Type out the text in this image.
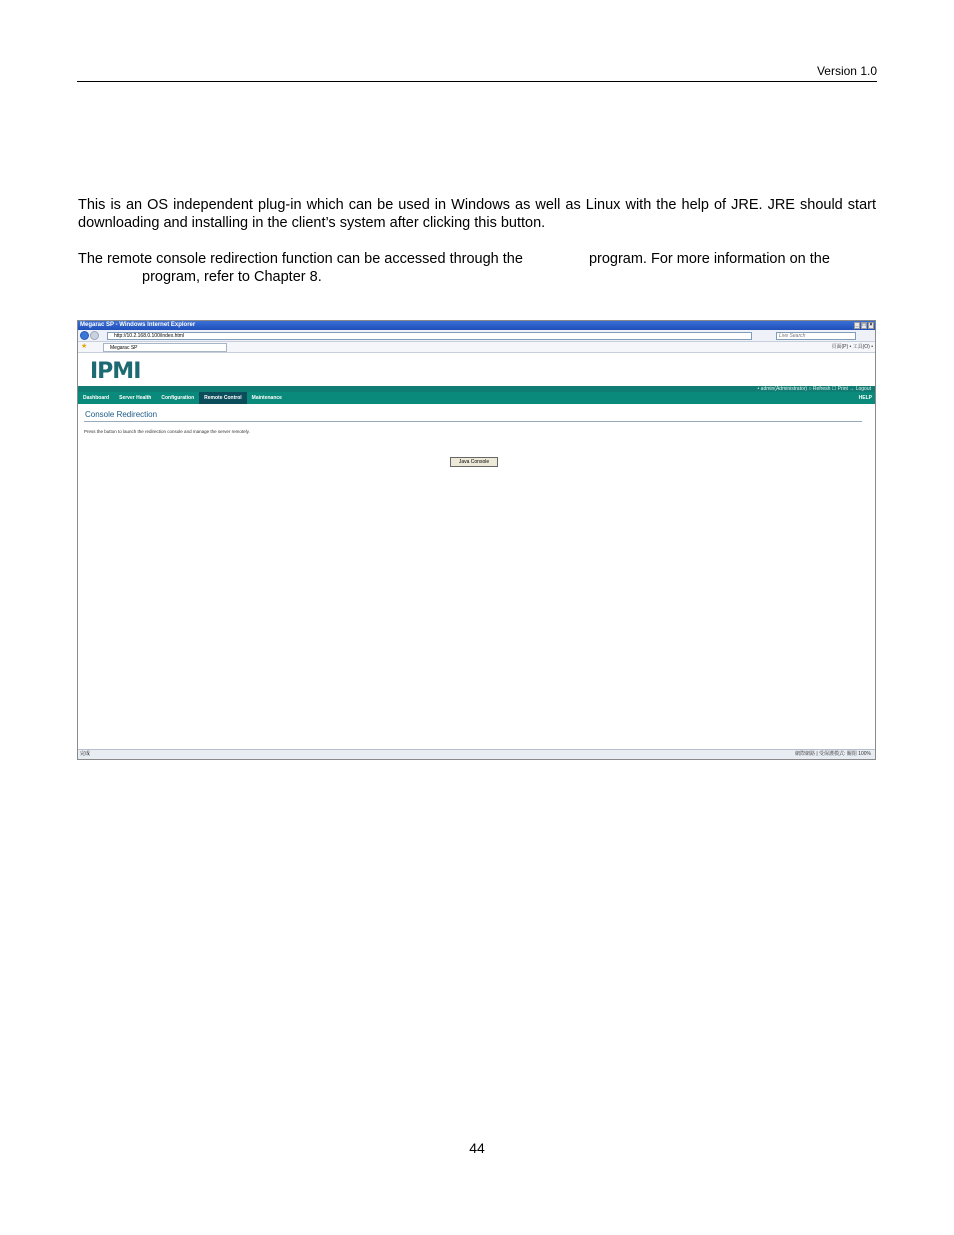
Version 1.0
This is an OS independent plug-in which can be used in Windows as well as Linux with the help of JRE. JRE should start downloading and installing in the client’s system after clicking this button.
The remote console redirection function can be accessed through the	program. For more information on the
program, refer to Chapter 8.
Megarac SP - Windows Internet Explorer	_ □ ×
http://10.2.168.0.100/index.html	Live Search
★	Megarac SP	頁面(P) • 工具(O) •
IPMI
• admin(Administrator) ○ Refresh ☐ Print → Logout
Dashboard	Server Health	Configuration	Remote Control	Maintenance	HELP
Console Redirection
Press the button to launch the redirection console and manage the server remotely.
Java Console
完成	網際網路 | 受保護模式: 關閉 100%
44
